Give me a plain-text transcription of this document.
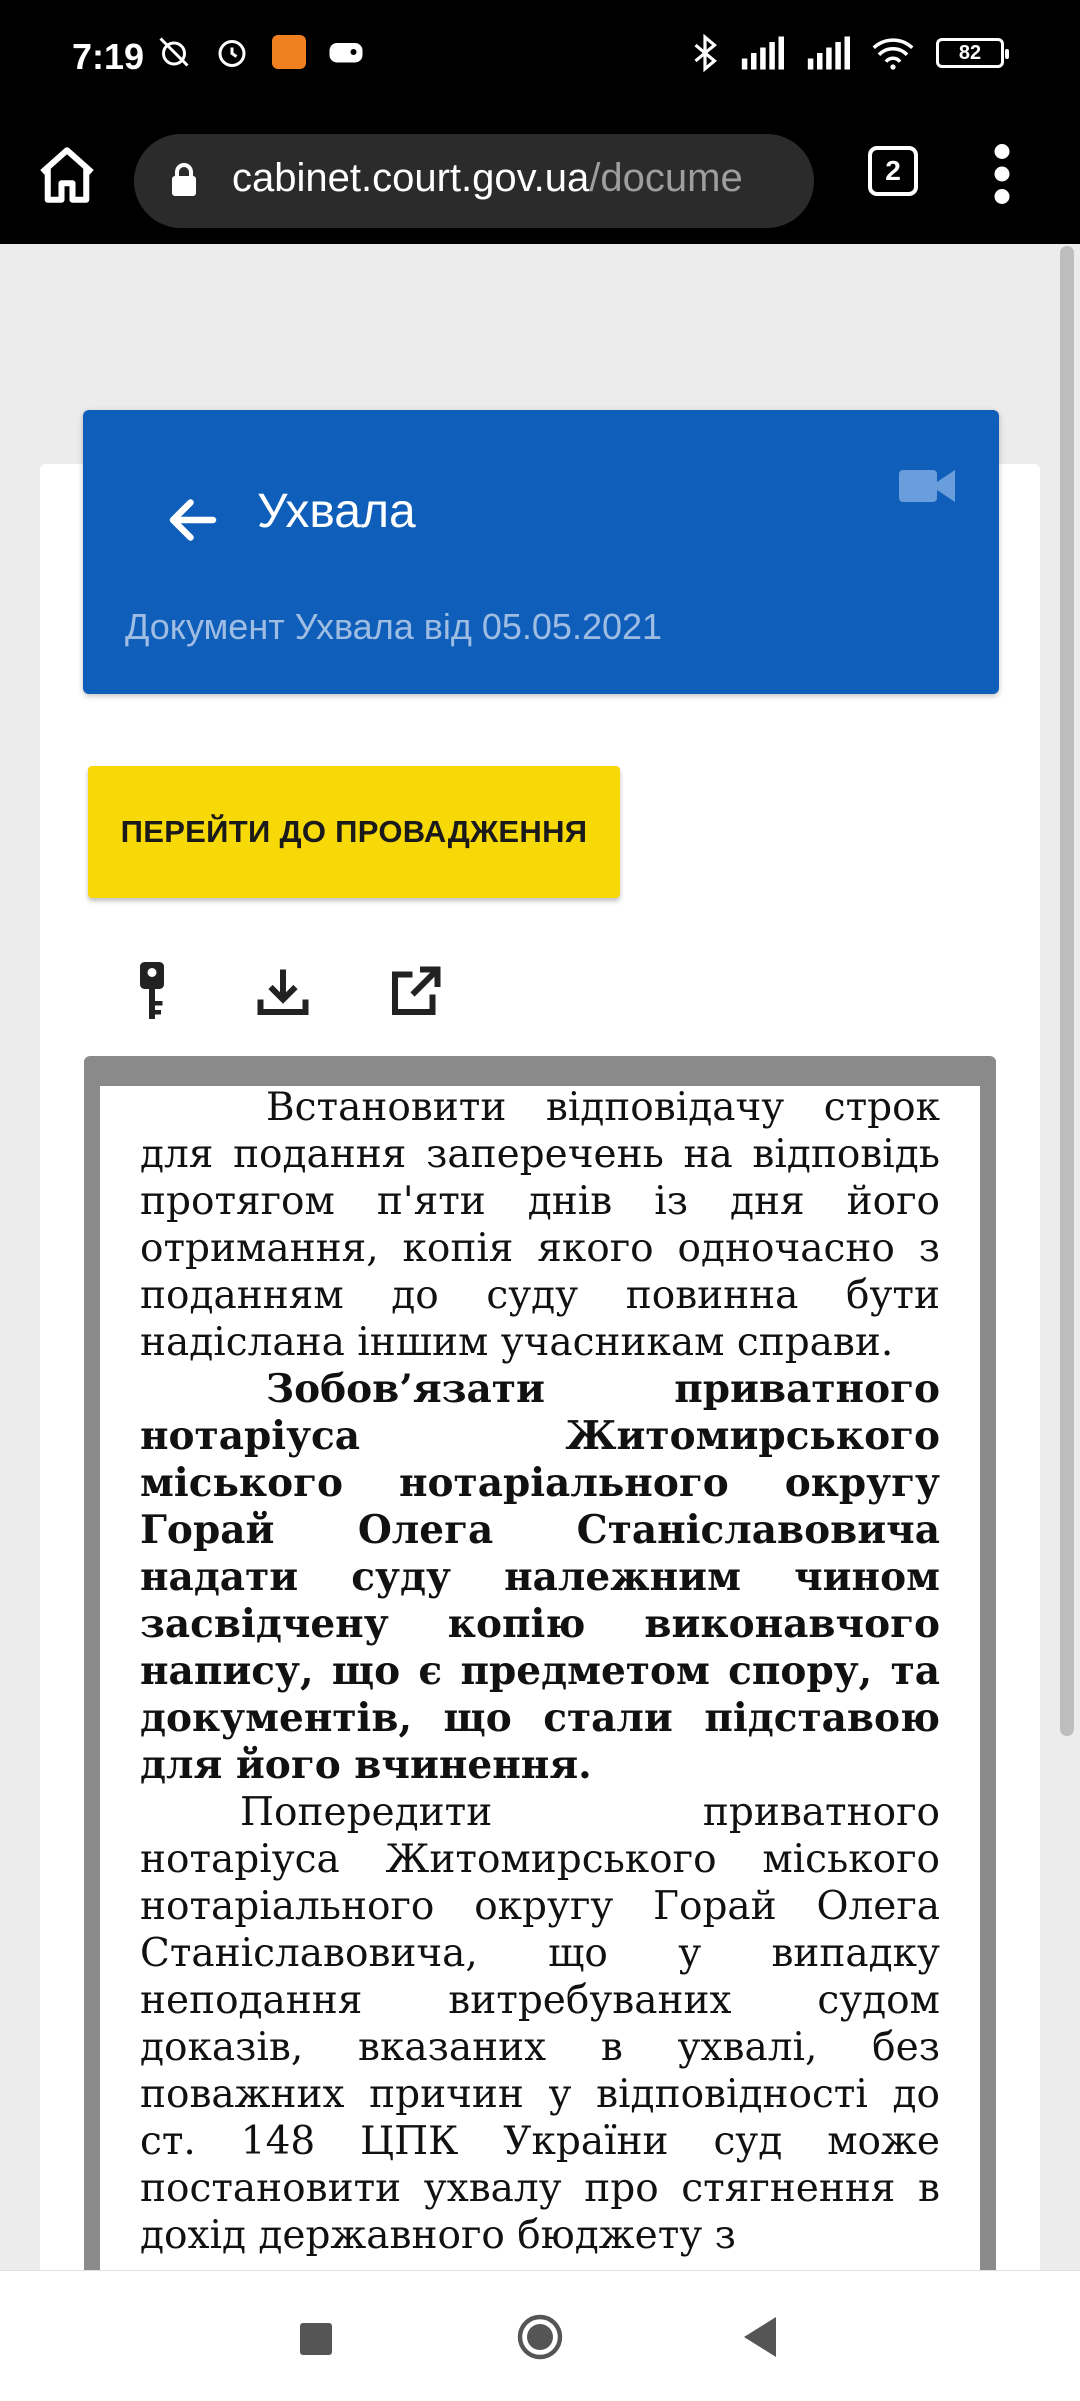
7:19	82
cabinet.court.gov.ua/docume	2
Ухвала
Документ Ухвала від 05.05.2021
ПЕРЕЙТИ ДО ПРОВАДЖЕННЯ

Встановити відповідачу строк для подання заперечень на відповідь протягом п'яти днів із дня його отримання, копія якого одночасно з поданням до суду повинна бути надіслана іншим учасникам справи.

Зобов’язати приватного нотаріуса Житомирського міського нотаріального округу Горай Олега Станіславовича надати суду належним чином засвідчену копію виконавчого напису, що є предметом спору, та документів, що стали підставою для його вчинення.

Попередити приватного нотаріуса Житомирського міського нотаріального округу Горай Олега Станіславовича, що у випадку неподання витребуваних судом доказів, вказаних в ухвалі, без поважних причин у відповідності до ст. 148 ЦПК України суд може постановити ухвалу про стягнення в дохід державного бюджету з
